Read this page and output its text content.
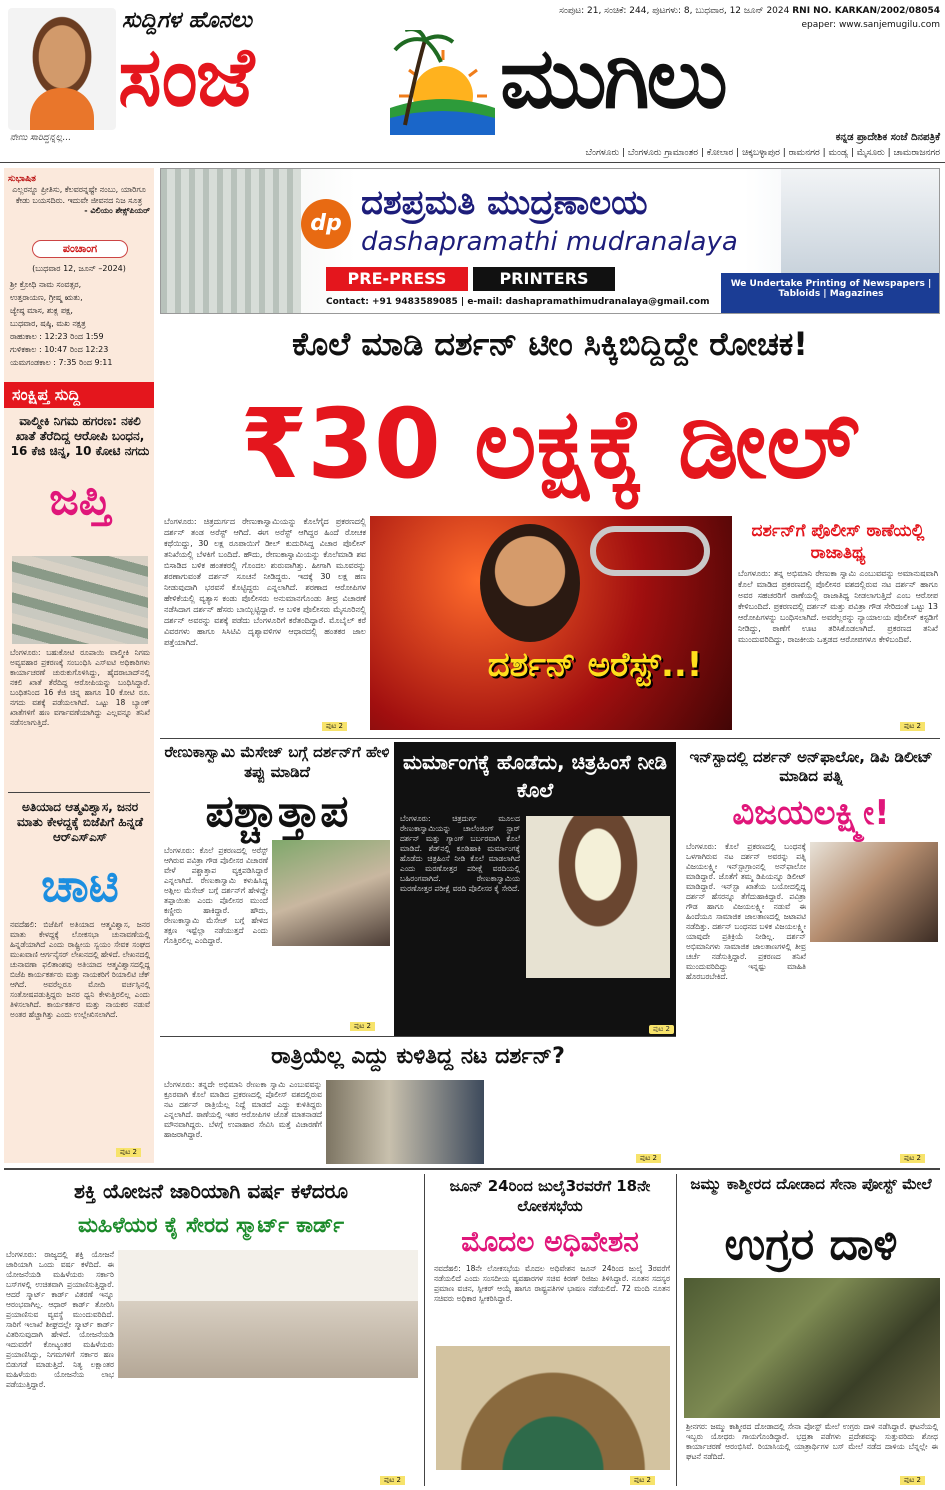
ನೇಣು ಸಾರಿದ್ದನ್ನಲ್ಲ...
ಸುದ್ದಿಗಳ ಹೊನಲು
ಸಂಜೆ	ಮುಗಿಲು
ಸಂಪುಟ: 21, ಸಂಚಿಕೆ: 244, ಪುಟಗಳು: 8, ಬುಧವಾರ, 12 ಜೂನ್ 2024 RNI NO. KARKAN/2002/08054
epaper: www.sanjemugilu.com
ಕನ್ನಡ ಪ್ರಾದೇಶಿಕ ಸಂಜೆ ದಿನಪತ್ರಿಕೆ
ಬೆಂಗಳೂರು | ಬೆಂಗಳೂರು ಗ್ರಾಮಾಂತರ | ಕೋಲಾರ | ಚಿಕ್ಕಬಳ್ಳಾಪುರ | ರಾಮನಗರ | ಮಂಡ್ಯ | ಮೈಸೂರು | ಚಾಮರಾಜನಗರ
ಸುಭಾಷಿತ
ಎಲ್ಲರನ್ನೂ ಪ್ರೀತಿಸು, ಕೆಲವರನ್ನಷ್ಟೇ ನಂಬು, ಯಾರಿಗೂ ಕೇಡು ಬಯಸದಿರು. ಇದುವೇ ಜೀವನದ ನಿಜ ಸೂತ್ರ
- ವಿಲಿಯಂ ಶೇಕ್ಸ್‌ಪಿಯರ್
ಪಂಚಾಂಗ
(ಬುಧವಾರ 12, ಜೂನ್ –2024)
ಶ್ರೀ ಕ್ರೋಧಿ ನಾಮ ಸಂವತ್ಸರ,
ಉತ್ತರಾಯಣ, ಗ್ರೀಷ್ಮ ಋತು,
ಜ್ಯೇಷ್ಠ ಮಾಸ, ಶುಕ್ಲ ಪಕ್ಷ,
ಬುಧವಾರ, ಷಷ್ಠಿ, ಮಖ ನಕ್ಷತ್ರ
ರಾಹುಕಾಲ : 12:23 ರಿಂದ 1:59
ಗುಳಿಕಕಾಲ : 10:47 ರಿಂದ 12:23
ಯಮಗಂಡಕಾಲ : 7:35 ರಿಂದ 9:11
ಸಂಕ್ಷಿಪ್ತ ಸುದ್ದಿ
ವಾಲ್ಮೀಕಿ ನಿಗಮ ಹಗರಣ: ನಕಲಿ ಖಾತೆ ತೆರೆದಿದ್ದ ಆರೋಪಿ ಬಂಧನ, 16 ಕೆಜಿ ಚಿನ್ನ, 10 ಕೋಟಿ ನಗದು
ಜಪ್ತಿ
ಬೆಂಗಳೂರು: ಬಹುಕೋಟಿ ರೂಪಾಯಿ ವಾಲ್ಮೀಕಿ ನಿಗಮ ಅವ್ಯವಹಾರ ಪ್ರಕರಣಕ್ಕೆ ಸಂಬಂಧಿಸಿ ಎಸ್ಐಟಿ ಅಧಿಕಾರಿಗಳು ಕಾರ್ಯಾಚರಣೆ ಚುರುಕುಗೊಳಿಸಿದ್ದು, ಹೈದರಾಬಾದ್‌ನಲ್ಲಿ ನಕಲಿ ಖಾತೆ ತೆರೆದಿದ್ದ ಆರೋಪಿಯನ್ನು ಬಂಧಿಸಿದ್ದಾರೆ. ಬಂಧಿತನಿಂದ 16 ಕೆಜಿ ಚಿನ್ನ ಹಾಗೂ 10 ಕೋಟಿ ರೂ. ನಗದು ವಶಕ್ಕೆ ಪಡೆಯಲಾಗಿದೆ. ಒಟ್ಟು 18 ಬ್ಯಾಂಕ್ ಖಾತೆಗಳಿಗೆ ಹಣ ವರ್ಗಾವಣೆಯಾಗಿದ್ದು ಎಲ್ಲವನ್ನೂ ತನಿಖೆ ನಡೆಸಲಾಗುತ್ತಿದೆ.
ಅತಿಯಾದ ಆತ್ಮವಿಶ್ವಾಸ, ಜನರ ಮಾತು ಕೇಳದ್ದಕ್ಕೆ ಬಿಜೆಪಿಗೆ ಹಿನ್ನಡೆ ಆರ್‌ಎಸ್‌ಎಸ್
ಚಾಟಿ
ನವದೆಹಲಿ: ಬಿಜೆಪಿಗೆ ಅತಿಯಾದ ಆತ್ಮವಿಶ್ವಾಸ, ಜನರ ಮಾತು ಕೇಳದ್ದಕ್ಕೆ ಲೋಕಸಭಾ ಚುನಾವಣೆಯಲ್ಲಿ ಹಿನ್ನಡೆಯಾಗಿದೆ ಎಂದು ರಾಷ್ಟ್ರೀಯ ಸ್ವಯಂ ಸೇವಕ ಸಂಘದ ಮುಖವಾಣಿ ಆರ್ಗನೈಸರ್ ಲೇಖನದಲ್ಲಿ ಹೇಳಿದೆ. ಲೇಖನದಲ್ಲಿ ಚುನಾವಣಾ ಫಲಿತಾಂಶವು ಅತಿಯಾದ ಆತ್ಮವಿಶ್ವಾಸದಲ್ಲಿದ್ದ ಬಿಜೆಪಿ ಕಾರ್ಯಕರ್ತರು ಮತ್ತು ನಾಯಕರಿಗೆ ರಿಯಾಲಿಟಿ ಚೆಕ್ ಆಗಿದೆ. ಅವರೆಲ್ಲರೂ ಮೋದಿ ವರ್ಚಸ್ಸಿನಲ್ಲಿ ಸಂತೋಷಪಡುತ್ತಿದ್ದರು ಜನರ ಧ್ವನಿ ಕೇಳುತ್ತಿರಲಿಲ್ಲ ಎಂದು ತಿಳಿಸಲಾಗಿದೆ. ಕಾರ್ಯಕರ್ತರ ಮತ್ತು ನಾಯಕರ ನಡುವೆ ಅಂತರ ಹೆಚ್ಚಾಗಿತ್ತು ಎಂದು ಉಲ್ಲೇಖಿಸಲಾಗಿದೆ.
ಪುಟ 2
dp
ದಶಪ್ರಮತಿ ಮುದ್ರಣಾಲಯ
dashapramathi mudranalaya
PRE-PRESS	PRINTERS
Contact: +91 9483589085 | e-mail: dashapramathimudranalaya@gmail.com
We Undertake Printing of Newspapers | Tabloids | Magazines
ಕೊಲೆ ಮಾಡಿ ದರ್ಶನ್ ಟೀಂ ಸಿಕ್ಕಿಬಿದ್ದಿದ್ದೇ ರೋಚಕ!
₹30 ಲಕ್ಷಕ್ಕೆ ಡೀಲ್
ಬೆಂಗಳೂರು: ಚಿತ್ರದುರ್ಗದ ರೇಣುಕಾಸ್ವಾಮಿಯನ್ನು ಕೊಲೆಗೈದ ಪ್ರಕರಣದಲ್ಲಿ ದರ್ಶನ್ ತಂಡ ಅರೆಸ್ಟ್ ಆಗಿದೆ. ಈಗ ಅರೆಸ್ಟ್ ಆಗಿದ್ದರ ಹಿಂದೆ ರೋಚಕ ಕಥೆಯಿದ್ದು, 30 ಲಕ್ಷ ರೂಪಾಯಿಗೆ ಡೀಲ್ ಕುದುರಿಸಿದ್ದ ವಿಚಾರ ಪೊಲೀಸ್ ತನಿಖೆಯಲ್ಲಿ ಬೆಳಕಿಗೆ ಬಂದಿದೆ. ಹೌದು, ರೇಣುಕಾಸ್ವಾಮಿಯನ್ನು ಕೊಲೆಮಾಡಿ ಶವ ಬಿಸಾಡಿದ ಬಳಿಕ ಹಂತಕರಲ್ಲಿ ಗೊಂದಲ ಶುರುವಾಗಿತ್ತು. ಹೀಗಾಗಿ ಮೂವರನ್ನು ಶರಣಾಗುವಂತೆ ದರ್ಶನ್ ಸೂಚನೆ ನೀಡಿದ್ದರು. ಇದಕ್ಕೆ 30 ಲಕ್ಷ ಹಣ ನೀಡುವುದಾಗಿ ಭರವಸೆ ಕೊಟ್ಟಿದ್ದರು ಎನ್ನಲಾಗಿದೆ. ಶರಣಾದ ಆರೋಪಿಗಳ ಹೇಳಿಕೆಯಲ್ಲಿ ವ್ಯತ್ಯಾಸ ಕಂಡು ಪೊಲೀಸರು ಅನುಮಾನಗೊಂಡು ತೀವ್ರ ವಿಚಾರಣೆ ನಡೆಸಿದಾಗ ದರ್ಶನ್ ಹೆಸರು ಬಾಯ್ಬಿಟ್ಟಿದ್ದಾರೆ. ಆ ಬಳಿಕ ಪೊಲೀಸರು ಮೈಸೂರಿನಲ್ಲಿ ದರ್ಶನ್ ಅವರನ್ನು ವಶಕ್ಕೆ ಪಡೆದು ಬೆಂಗಳೂರಿಗೆ ಕರೆತಂದಿದ್ದಾರೆ. ಮೊಬೈಲ್ ಕರೆ ವಿವರಗಳು ಹಾಗೂ ಸಿಸಿಟಿವಿ ದೃಶ್ಯಾವಳಿಗಳ ಆಧಾರದಲ್ಲಿ ಹಂತಕರ ಜಾಲ ಪತ್ತೆಯಾಗಿದೆ.
ಪುಟ 2
ದರ್ಶನ್ ಅರೆಸ್ಟ್..!
ದರ್ಶನ್‌ಗೆ ಪೊಲೀಸ್ ಠಾಣೆಯಲ್ಲಿ ರಾಜಾತಿಥ್ಯ
ಬೆಂಗಳೂರು: ತನ್ನ ಅಭಿಮಾನಿ ರೇಣುಕಾ ಸ್ವಾಮಿ ಎಂಬುವವನ್ನು ಅಮಾನುಷವಾಗಿ ಕೊಲೆ ಮಾಡಿದ ಪ್ರಕರಣದಲ್ಲಿ ಪೊಲೀಸರ ವಶದಲ್ಲಿರುವ ನಟ ದರ್ಶನ್ ಹಾಗೂ ಅವರ ಸಹಚರರಿಗೆ ಠಾಣೆಯಲ್ಲಿ ರಾಜಾತಿಥ್ಯ ನೀಡಲಾಗುತ್ತಿದೆ ಎಂಬ ಆರೋಪ ಕೇಳಿಬಂದಿದೆ. ಪ್ರಕರಣದಲ್ಲಿ ದರ್ಶನ್ ಮತ್ತು ಪವಿತ್ರಾ ಗೌಡ ಸೇರಿದಂತೆ ಒಟ್ಟು 13 ಆರೋಪಿಗಳನ್ನು ಬಂಧಿಸಲಾಗಿದೆ. ಅವರೆಲ್ಲರನ್ನು ನ್ಯಾಯಾಲಯ ಪೊಲೀಸ್ ಕಸ್ಟಡಿಗೆ ನೀಡಿದ್ದು, ಠಾಣೆಗೆ ಊಟ ತರಿಸಿಕೊಡಲಾಗಿದೆ. ಪ್ರಕರಣದ ತನಿಖೆ ಮುಂದುವರಿದಿದ್ದು, ರಾಜಕೀಯ ಒತ್ತಡದ ಆರೋಪಗಳೂ ಕೇಳಿಬಂದಿವೆ.
ಪುಟ 2
ರೇಣುಕಾಸ್ವಾಮಿ ಮೆಸೇಜ್ ಬಗ್ಗೆ ದರ್ಶನ್‌ಗೆ ಹೇಳಿ ತಪ್ಪು ಮಾಡಿದೆ
ಪಶ್ಚಾತ್ತಾಪ
ಬೆಂಗಳೂರು: ಕೊಲೆ ಪ್ರಕರಣದಲ್ಲಿ ಅರೆಸ್ಟ್ ಆಗಿರುವ ಪವಿತ್ರಾ ಗೌಡ ಪೊಲೀಸರ ವಿಚಾರಣೆ ವೇಳೆ ಪಶ್ಚಾತ್ತಾಪ ವ್ಯಕ್ತಪಡಿಸಿದ್ದಾರೆ ಎನ್ನಲಾಗಿದೆ. ರೇಣುಕಾಸ್ವಾಮಿ ಕಳುಹಿಸಿದ್ದ ಅಶ್ಲೀಲ ಮೆಸೇಜ್ ಬಗ್ಗೆ ದರ್ಶನ್‌ಗೆ ಹೇಳಿದ್ದೇ ತಪ್ಪಾಯಿತು ಎಂದು ಪೊಲೀಸರ ಮುಂದೆ ಕಣ್ಣೀರು ಹಾಕಿದ್ದಾರೆ. ಹೌದು, ರೇಣುಕಾಸ್ವಾಮಿ ಮೆಸೇಜ್ ಬಗ್ಗೆ ಹೇಳಿದ ತಕ್ಷಣ ಇಷ್ಟೆಲ್ಲಾ ನಡೆಯುತ್ತದೆ ಎಂದು ಗೊತ್ತಿರಲಿಲ್ಲ ಎಂದಿದ್ದಾರೆ.
ಪುಟ 2
ಮರ್ಮಾಂಗಕ್ಕೆ ಹೊಡೆದು, ಚಿತ್ರಹಿಂಸೆ ನೀಡಿ ಕೊಲೆ
ಬೆಂಗಳೂರು: ಚಿತ್ರದುರ್ಗ ಮೂಲದ ರೇಣುಕಾಸ್ವಾಮಿಯನ್ನು ಚಾಲೆಂಜಿಂಗ್ ಸ್ಟಾರ್ ದರ್ಶನ್ ಮತ್ತು ಗ್ಯಾಂಗ್ ಬರ್ಬರವಾಗಿ ಕೊಲೆ ಮಾಡಿದೆ. ಶೆಡ್‌ನಲ್ಲಿ ಕೂಡಿಹಾಕಿ ಮರ್ಮಾಂಗಕ್ಕೆ ಹೊಡೆದು ಚಿತ್ರಹಿಂಸೆ ನೀಡಿ ಕೊಲೆ ಮಾಡಲಾಗಿದೆ ಎಂದು ಮರಣೋತ್ತರ ಪರೀಕ್ಷೆ ವರದಿಯಲ್ಲಿ ಬಹಿರಂಗವಾಗಿದೆ. ರೇಣುಕಾಸ್ವಾಮಿಯ ಮರಣೋತ್ತರ ಪರೀಕ್ಷೆ ವರದಿ ಪೊಲೀಸರ ಕೈ ಸೇರಿದೆ.
ಪುಟ 2
ಇನ್‌ಸ್ಟಾದಲ್ಲಿ ದರ್ಶನ್ ಅನ್‌ಫಾಲೋ, ಡಿಪಿ ಡಿಲೀಟ್ ಮಾಡಿದ ಪತ್ನಿ
ವಿಜಯಲಕ್ಷ್ಮೀ!
ಬೆಂಗಳೂರು: ಕೊಲೆ ಪ್ರಕರಣದಲ್ಲಿ ಬಂಧನಕ್ಕೆ ಒಳಗಾಗಿರುವ ನಟ ದರ್ಶನ್ ಅವರನ್ನು ಪತ್ನಿ ವಿಜಯಲಕ್ಷ್ಮೀ ಇನ್‌ಸ್ಟಾಗ್ರಾಂನಲ್ಲಿ ಅನ್‌ಫಾಲೋ ಮಾಡಿದ್ದಾರೆ. ಜೊತೆಗೆ ತಮ್ಮ ಡಿಪಿಯನ್ನೂ ಡಿಲೀಟ್ ಮಾಡಿದ್ದಾರೆ. ಇನ್‌ಸ್ಟಾ ಖಾತೆಯ ಬಯೋದಲ್ಲಿದ್ದ ದರ್ಶನ್ ಹೆಸರನ್ನೂ ತೆಗೆದುಹಾಕಿದ್ದಾರೆ. ಪವಿತ್ರಾ ಗೌಡ ಹಾಗೂ ವಿಜಯಲಕ್ಷ್ಮೀ ನಡುವೆ ಈ ಹಿಂದೆಯೂ ಸಾಮಾಜಿಕ ಜಾಲತಾಣದಲ್ಲಿ ಜಟಾಪಟಿ ನಡೆದಿತ್ತು. ದರ್ಶನ್ ಬಂಧನದ ಬಳಿಕ ವಿಜಯಲಕ್ಷ್ಮೀ ಯಾವುದೇ ಪ್ರತಿಕ್ರಿಯೆ ನೀಡಿಲ್ಲ. ದರ್ಶನ್ ಅಭಿಮಾನಿಗಳು ಸಾಮಾಜಿಕ ಜಾಲತಾಣಗಳಲ್ಲಿ ತೀವ್ರ ಚರ್ಚೆ ನಡೆಸುತ್ತಿದ್ದಾರೆ. ಪ್ರಕರಣದ ತನಿಖೆ ಮುಂದುವರಿದಿದ್ದು ಇನ್ನಷ್ಟು ಮಾಹಿತಿ ಹೊರಬರಬೇಕಿದೆ.
ಪುಟ 2
ರಾತ್ರಿಯೆಲ್ಲ ಎದ್ದು ಕುಳಿತಿದ್ದ ನಟ ದರ್ಶನ್?
ಬೆಂಗಳೂರು: ತನ್ನದೇ ಅಭಿಮಾನಿ ರೇಣುಕಾ ಸ್ವಾಮಿ ಎಂಬುವವನ್ನು ಕ್ರೂರವಾಗಿ ಕೊಲೆ ಮಾಡಿದ ಪ್ರಕರಣದಲ್ಲಿ ಪೊಲೀಸ್ ವಶದಲ್ಲಿರುವ ನಟ ದರ್ಶನ್ ರಾತ್ರಿಯೆಲ್ಲ ನಿದ್ದೆ ಮಾಡದೆ ಎದ್ದು ಕುಳಿತಿದ್ದರು ಎನ್ನಲಾಗಿದೆ. ಠಾಣೆಯಲ್ಲಿ ಇತರ ಆರೋಪಿಗಳ ಜೊತೆ ಮಾತನಾಡದೆ ಮೌನವಾಗಿದ್ದರು. ಬೆಳಗ್ಗೆ ಉಪಾಹಾರ ಸೇವಿಸಿ ಮತ್ತೆ ವಿಚಾರಣೆಗೆ ಹಾಜರಾಗಿದ್ದಾರೆ.
ಪುಟ 2
ಶಕ್ತಿ ಯೋಜನೆ ಜಾರಿಯಾಗಿ ವರ್ಷ ಕಳೆದರೂ
ಮಹಿಳೆಯರ ಕೈ ಸೇರದ ಸ್ಮಾರ್ಟ್ ಕಾರ್ಡ್
ಬೆಂಗಳೂರು: ರಾಜ್ಯದಲ್ಲಿ ಶಕ್ತಿ ಯೋಜನೆ ಜಾರಿಯಾಗಿ ಒಂದು ವರ್ಷ ಕಳೆದಿದೆ. ಈ ಯೋಜನೆಯಡಿ ಮಹಿಳೆಯರು ಸರ್ಕಾರಿ ಬಸ್‌ಗಳಲ್ಲಿ ಉಚಿತವಾಗಿ ಪ್ರಯಾಣಿಸುತ್ತಿದ್ದಾರೆ. ಆದರೆ ಸ್ಮಾರ್ಟ್ ಕಾರ್ಡ್ ವಿತರಣೆ ಇನ್ನೂ ಆರಂಭವಾಗಿಲ್ಲ. ಆಧಾರ್ ಕಾರ್ಡ್ ತೋರಿಸಿ ಪ್ರಯಾಣಿಸುವ ವ್ಯವಸ್ಥೆ ಮುಂದುವರಿದಿದೆ. ಸಾರಿಗೆ ಇಲಾಖೆ ಶೀಘ್ರದಲ್ಲೇ ಸ್ಮಾರ್ಟ್ ಕಾರ್ಡ್ ವಿತರಿಸುವುದಾಗಿ ಹೇಳಿದೆ. ಯೋಜನೆಯಡಿ ಇದುವರೆಗೆ ಕೋಟ್ಯಂತರ ಮಹಿಳೆಯರು ಪ್ರಯಾಣಿಸಿದ್ದು, ನಿಗಮಗಳಿಗೆ ಸರ್ಕಾರ ಹಣ ಬಿಡುಗಡೆ ಮಾಡುತ್ತಿದೆ. ನಿತ್ಯ ಲಕ್ಷಾಂತರ ಮಹಿಳೆಯರು ಯೋಜನೆಯ ಲಾಭ ಪಡೆಯುತ್ತಿದ್ದಾರೆ.
ಪುಟ 2
ಜೂನ್ 24ರಿಂದ ಜುಲೈ3ರವರೆಗೆ 18ನೇ ಲೋಕಸಭೆಯ
ಮೊದಲ ಅಧಿವೇಶನ
ನವದೆಹಲಿ: 18ನೇ ಲೋಕಸಭೆಯ ಮೊದಲ ಅಧಿವೇಶನ ಜೂನ್ 24ರಿಂದ ಜುಲೈ 3ರವರೆಗೆ ನಡೆಯಲಿದೆ ಎಂದು ಸಂಸದೀಯ ವ್ಯವಹಾರಗಳ ಸಚಿವ ಕಿರಣ್ ರಿಜಿಜು ತಿಳಿಸಿದ್ದಾರೆ. ನೂತನ ಸದಸ್ಯರ ಪ್ರಮಾಣ ವಚನ, ಸ್ಪೀಕರ್ ಆಯ್ಕೆ ಹಾಗೂ ರಾಷ್ಟ್ರಪತಿಗಳ ಭಾಷಣ ನಡೆಯಲಿದೆ. 72 ಮಂದಿ ನೂತನ ಸಚಿವರು ಅಧಿಕಾರ ಸ್ವೀಕರಿಸಿದ್ದಾರೆ.
ಪುಟ 2
ಜಮ್ಮು ಕಾಶ್ಮೀರದ ದೋಡಾದ ಸೇನಾ ಪೋಸ್ಟ್ ಮೇಲೆ
ಉಗ್ರರ ದಾಳಿ
ಶ್ರೀನಗರ: ಜಮ್ಮು ಕಾಶ್ಮೀರದ ದೋಡಾದಲ್ಲಿ ಸೇನಾ ಪೋಸ್ಟ್ ಮೇಲೆ ಉಗ್ರರು ದಾಳಿ ನಡೆಸಿದ್ದಾರೆ. ಘಟನೆಯಲ್ಲಿ ಇಬ್ಬರು ಯೋಧರು ಗಾಯಗೊಂಡಿದ್ದಾರೆ. ಭದ್ರತಾ ಪಡೆಗಳು ಪ್ರದೇಶವನ್ನು ಸುತ್ತುವರಿದು ಶೋಧ ಕಾರ್ಯಾಚರಣೆ ಆರಂಭಿಸಿವೆ. ರಿಯಾಸಿಯಲ್ಲಿ ಯಾತ್ರಾರ್ಥಿಗಳ ಬಸ್ ಮೇಲೆ ನಡೆದ ದಾಳಿಯ ಬೆನ್ನಲ್ಲೇ ಈ ಘಟನೆ ನಡೆದಿದೆ.
ಪುಟ 2
